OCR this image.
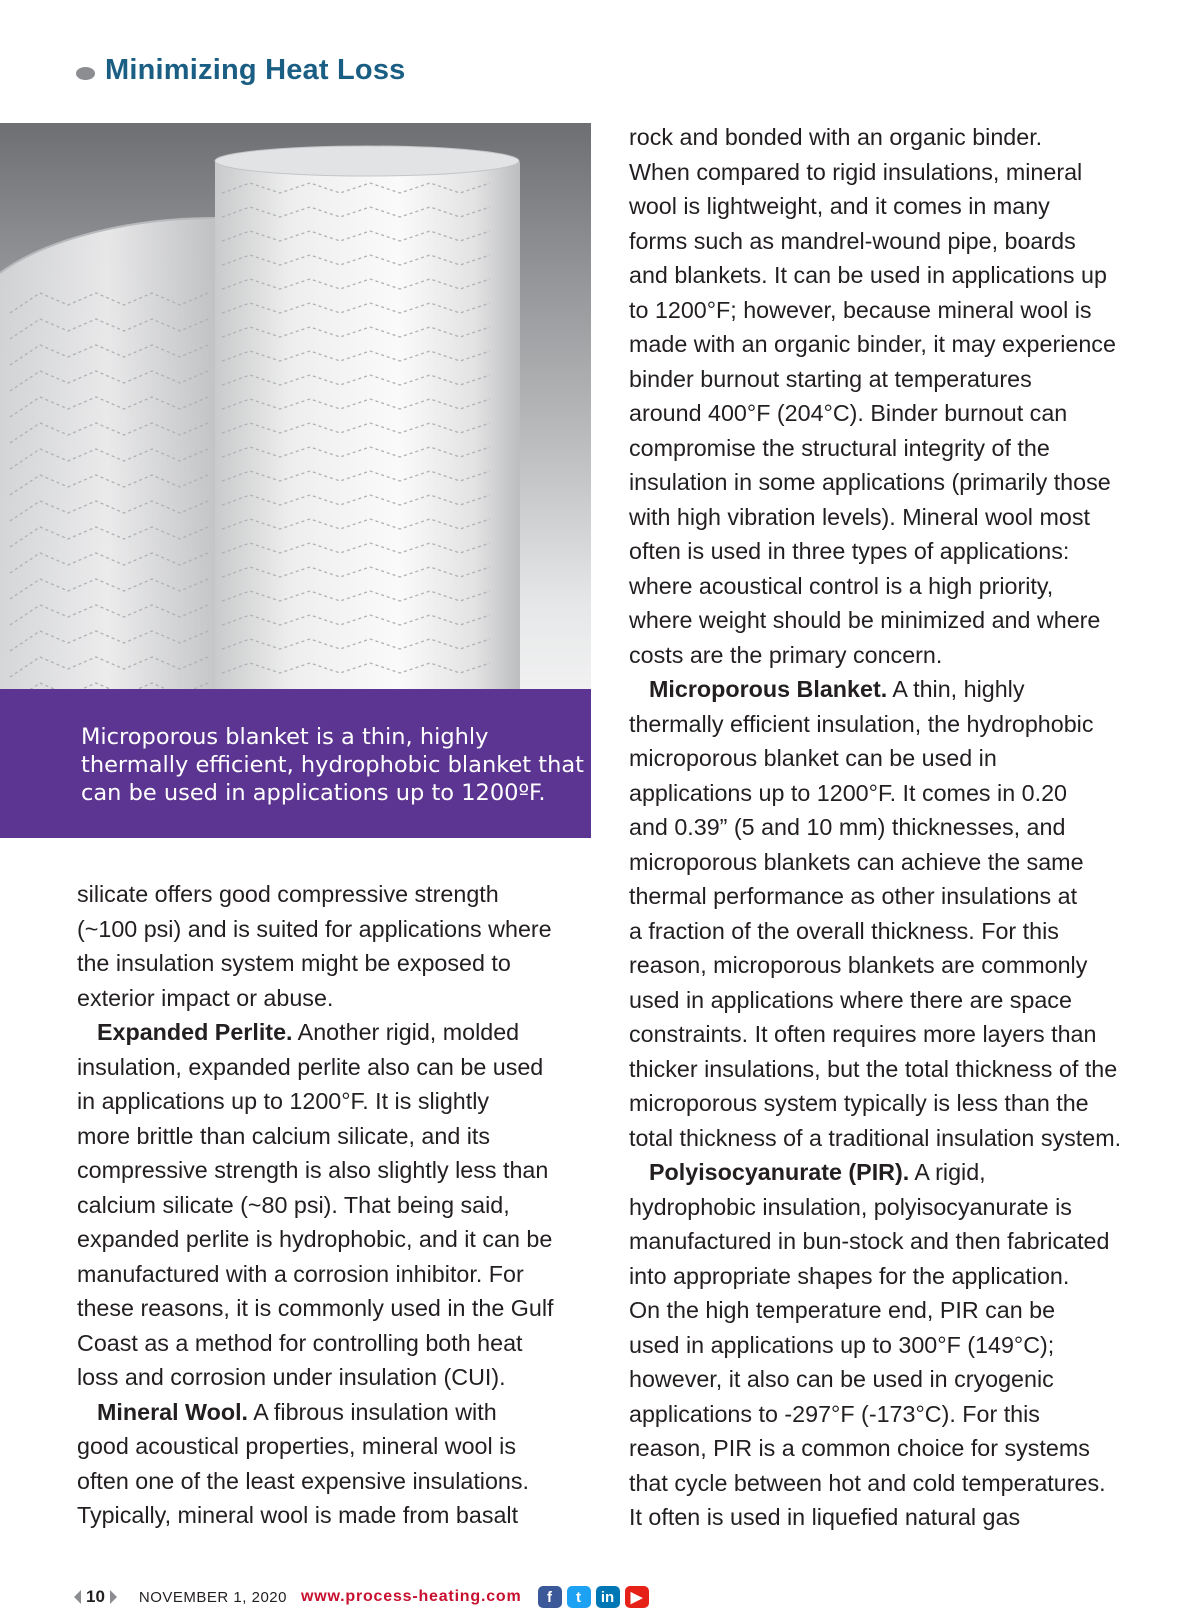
Minimizing Heat Loss
Microporous blanket is a thin, highly
thermally efficient, hydrophobic blanket that
can be used in applications up to 1200ºF.
silicate offers good compressive strength
(~100 psi) and is suited for applications where
the insulation system might be exposed to
exterior impact or abuse.
Expanded Perlite. Another rigid, molded
insulation, expanded perlite also can be used
in applications up to 1200°F. It is slightly
more brittle than calcium silicate, and its
compressive strength is also slightly less than
calcium silicate (~80 psi). That being said,
expanded perlite is hydrophobic, and it can be
manufactured with a corrosion inhibitor. For
these reasons, it is commonly used in the Gulf
Coast as a method for controlling both heat
loss and corrosion under insulation (CUI).
Mineral Wool. A fibrous insulation with
good acoustical properties, mineral wool is
often one of the least expensive insulations.
Typically, mineral wool is made from basalt
rock and bonded with an organic binder.
When compared to rigid insulations, mineral
wool is lightweight, and it comes in many
forms such as mandrel-wound pipe, boards
and blankets. It can be used in applications up
to 1200°F; however, because mineral wool is
made with an organic binder, it may experience
binder burnout starting at temperatures
around 400°F (204°C). Binder burnout can
compromise the structural integrity of the
insulation in some applications (primarily those
with high vibration levels). Mineral wool most
often is used in three types of applications:
where acoustical control is a high priority,
where weight should be minimized and where
costs are the primary concern.
Microporous Blanket. A thin, highly
thermally efficient insulation, the hydrophobic
microporous blanket can be used in
applications up to 1200°F. It comes in 0.20
and 0.39” (5 and 10 mm) thicknesses, and
microporous blankets can achieve the same
thermal performance as other insulations at
a fraction of the overall thickness. For this
reason, microporous blankets are commonly
used in applications where there are space
constraints. It often requires more layers than
thicker insulations, but the total thickness of the
microporous system typically is less than the
total thickness of a traditional insulation system.
Polyisocyanurate (PIR). A rigid,
hydrophobic insulation, polyisocyanurate is
manufactured in bun-stock and then fabricated
into appropriate shapes for the application.
On the high temperature end, PIR can be
used in applications up to 300°F (149°C);
however, it also can be used in cryogenic
applications to -297°F (-173°C). For this
reason, PIR is a common choice for systems
that cycle between hot and cold temperatures.
It often is used in liquefied natural gas
10 NOVEMBER 1, 2020 www.process-heating.com	f	t	in	▶
